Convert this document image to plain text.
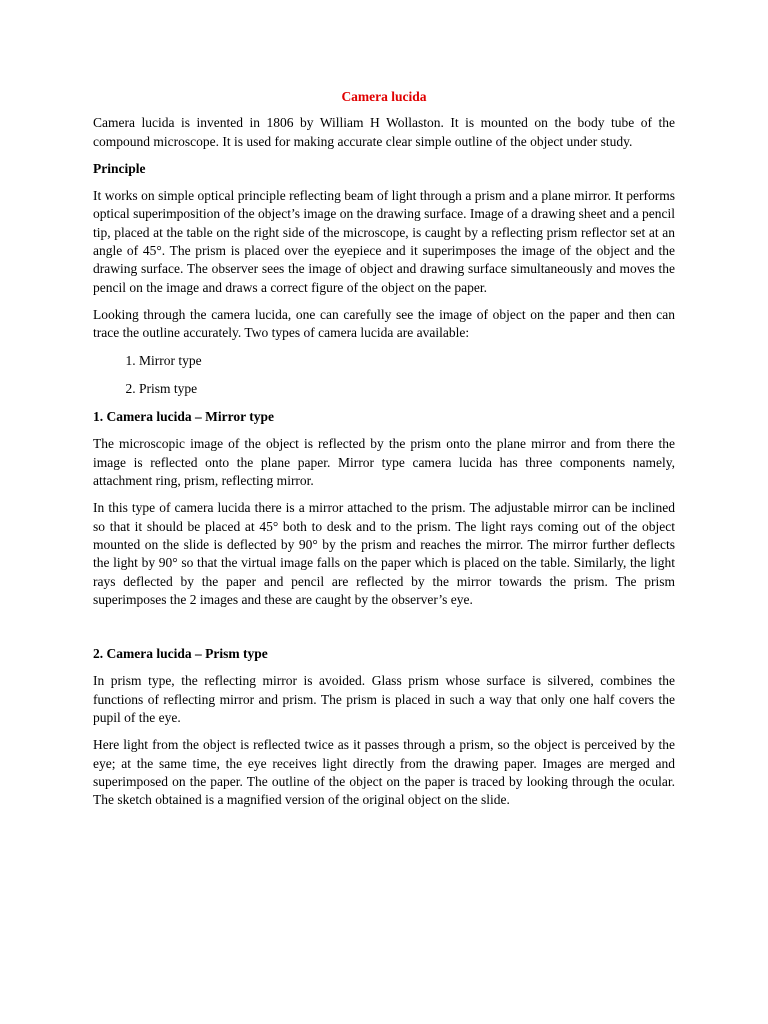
Camera lucida

Camera lucida is invented in 1806 by William H Wollaston. It is mounted on the body tube of the compound microscope. It is used for making accurate clear simple outline of the object under study.

Principle

It works on simple optical principle reflecting beam of light through a prism and a plane mirror. It performs optical superimposition of the object’s image on the drawing surface. Image of a drawing sheet and a pencil tip, placed at the table on the right side of the microscope, is caught by a reflecting prism reflector set at an angle of 45°. The prism is placed over the eyepiece and it superimposes the image of the object and the drawing surface. The observer sees the image of object and drawing surface simultaneously and moves the pencil on the image and draws a correct figure of the object on the paper.

Looking through the camera lucida, one can carefully see the image of object on the paper and then can trace the outline accurately. Two types of camera lucida are available:

1. Mirror type
2. Prism type
1. Camera lucida – Mirror type

The microscopic image of the object is reflected by the prism onto the plane mirror and from there the image is reflected onto the plane paper. Mirror type camera lucida has three components namely, attachment ring, prism, reflecting mirror.

In this type of camera lucida there is a mirror attached to the prism. The adjustable mirror can be inclined so that it should be placed at 45° both to desk and to the prism. The light rays coming out of the object mounted on the slide is deflected by 90° by the prism and reaches the mirror. The mirror further deflects the light by 90° so that the virtual image falls on the paper which is placed on the table. Similarly, the light rays deflected by the paper and pencil are reflected by the mirror towards the prism. The prism superimposes the 2 images and these are caught by the observer’s eye.

2. Camera lucida – Prism type

In prism type, the reflecting mirror is avoided. Glass prism whose surface is silvered, combines the functions of reflecting mirror and prism. The prism is placed in such a way that only one half covers the pupil of the eye.

Here light from the object is reflected twice as it passes through a prism, so the object is perceived by the eye; at the same time, the eye receives light directly from the drawing paper. Images are merged and superimposed on the paper. The outline of the object on the paper is traced by looking through the ocular. The sketch obtained is a magnified version of the original object on the slide.
